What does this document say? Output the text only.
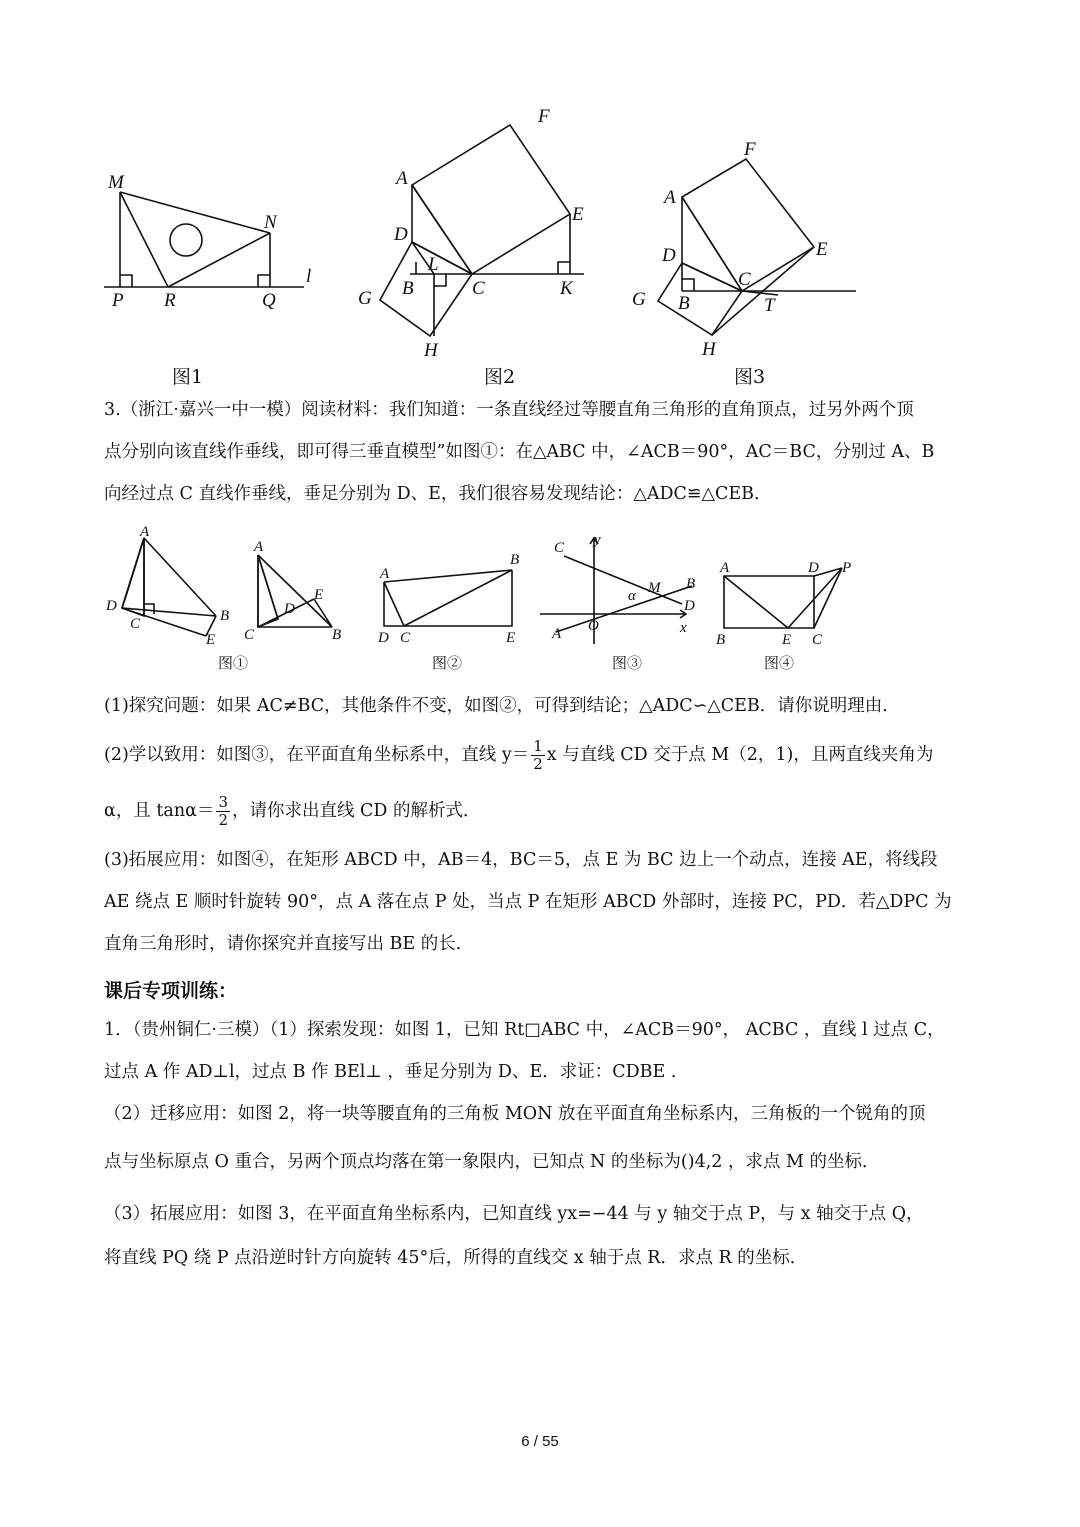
M
N
P R	Q
l
图1
F
A
E
D
L
B	C	K
G
H
图2
F
A
D
C
E
G B	T
H
图3
3.（浙江·嘉兴一中一模）阅读材料：我们知道：一条直线经过等腰直角三角形的直角顶点，过另外两个顶
点分别向该直线作垂线，即可得三垂直模型”如图①：在△ABC 中，∠ACB＝90°，AC＝BC，分别过 A、B
向经过点 C 直线作垂线，垂足分别为 D、E，我们很容易发现结论：△ADC≌△CEB．
A
D
C	B
E
A
D
E
C	B
A
B
D C	E
C y
M B
α
D
A O	x
A	D P
B	E C
图①	图②	图③	图④
(1)探究问题：如果 AC≠BC，其他条件不变，如图②，可得到结论；△ADC∽△CEB．请你说明理由．
(2)学以致用：如图③，在平面直角坐标系中，直线 $y= \frac{1}{2}$ x 与直线 CD 交于点 M（2，1)，且两直线夹角为
α，且 $\tan\alpha= \frac{3}{2}$ ，请你求出直线 CD 的解析式．
(3)拓展应用：如图④，在矩形 ABCD 中，AB＝4，BC＝5，点 E 为 BC 边上一个动点，连接 AE，将线段
AE 绕点 E 顺时针旋转 90°，点 A 落在点 P 处，当点 P 在矩形 ABCD 外部时，连接 PC，PD．若△DPC 为
直角三角形时，请你探究并直接写出 BE 的长．
课后专项训练：
1．（贵州铜仁·三模）（1）探索发现：如图 1，已知 Rt□ABC 中，∠ACB＝90°， ACBC ，直线 l 过点 C，
过点 A 作 AD⊥l，过点 B 作 BEl⊥ ，垂足分别为 D、E．求证：CDBE ．
（2）迁移应用：如图 2，将一块等腰直角的三角板 MON 放在平面直角坐标系内，三角板的一个锐角的顶
点与坐标原点 O 重合，另两个顶点均落在第一象限内，已知点 N 的坐标为()4,2 ，求点 M 的坐标．
（3）拓展应用：如图 3，在平面直角坐标系内，已知直线 yx=−44 与 y 轴交于点 P，与 x 轴交于点 Q，
将直线 PQ 绕 P 点沿逆时针方向旋转 45°后，所得的直线交 x 轴于点 R．求点 R 的坐标．
6 / 55
